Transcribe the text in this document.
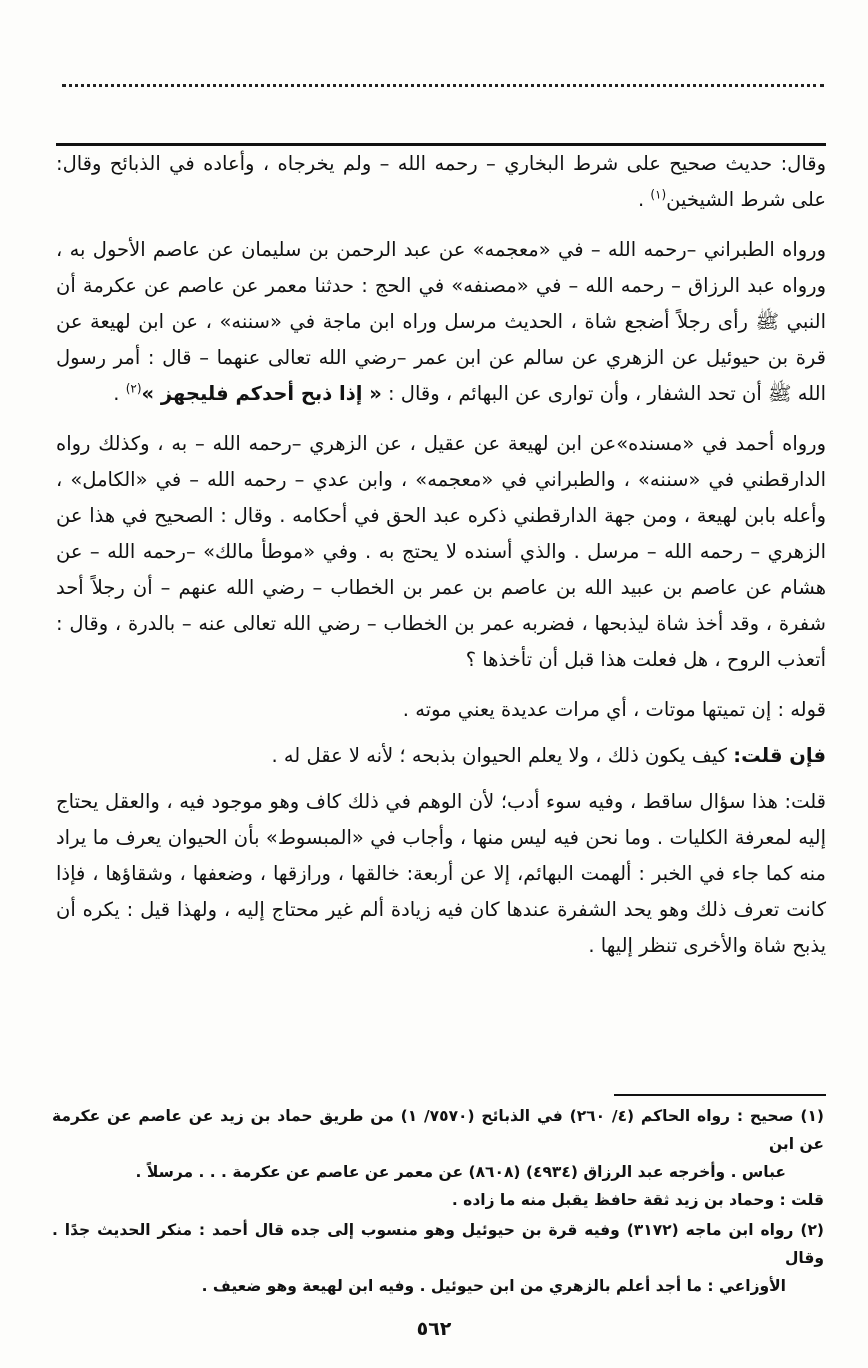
وقال: حديث صحيح على شرط البخاري – رحمه الله – ولم يخرجاه ، وأعاده في الذبائح وقال: على شرط الشيخين$^{(١)}$ .

ورواه الطبراني –رحمه الله – في «معجمه» عن عبد الرحمن بن سليمان عن عاصم الأحول به ، ورواه عبد الرزاق – رحمه الله – في «مصنفه» في الحج : حدثنا معمر عن عاصم عن عكرمة أن النبي ﷺ رأى رجلاً أضجع شاة ، الحديث مرسل وراه ابن ماجة في «سننه» ، عن ابن لهيعة عن قرة بن حيوئيل عن الزهري عن سالم عن ابن عمر –رضي الله تعالى عنهما – قال : أمر رسول الله ﷺ أن تحد الشفار ، وأن توارى عن البهائم ، وقال : « إذا ذبح أحدكم فليجهز »$^{(٢)}$ .

ورواه أحمد في «مسنده»عن ابن لهيعة عن عقيل ، عن الزهري –رحمه الله – به ، وكذلك رواه الدارقطني في «سننه» ، والطبراني في «معجمه» ، وابن عدي – رحمه الله – في «الكامل» ، وأعله بابن لهيعة ، ومن جهة الدارقطني ذكره عبد الحق في أحكامه . وقال : الصحيح في هذا عن الزهري – رحمه الله – مرسل . والذي أسنده لا يحتج به . وفي «موطأ مالك» –رحمه الله – عن هشام عن عاصم بن عبيد الله بن عاصم بن عمر بن الخطاب – رضي الله عنهم – أن رجلاً أحد شفرة ، وقد أخذ شاة ليذبحها ، فضربه عمر بن الخطاب – رضي الله تعالى عنه – بالدرة ، وقال : أتعذب الروح ، هل فعلت هذا قبل أن تأخذها ؟

قوله : إن تميتها موتات ، أي مرات عديدة يعني موته .

فإن قلت: كيف يكون ذلك ، ولا يعلم الحيوان بذبحه ؛ لأنه لا عقل له .

قلت: هذا سؤال ساقط ، وفيه سوء أدب؛ لأن الوهم في ذلك كاف وهو موجود فيه ، والعقل يحتاج إليه لمعرفة الكليات . وما نحن فيه ليس منها ، وأجاب في «المبسوط» بأن الحيوان يعرف ما يراد منه كما جاء في الخبر : ألهمت البهائم، إلا عن أربعة: خالقها ، ورازقها ، وضعفها ، وشقاؤها ، فإذا كانت تعرف ذلك وهو يحد الشفرة عندها كان فيه زيادة ألم غير محتاج إليه ، ولهذا قيل : يكره أن يذبح شاة والأخرى تنظر إليها .

(١) صحيح : رواه الحاكم (٤/ ٢٦٠) في الذبائح (٧٥٧٠/ ١) من طريق حماد بن زيد عن عاصم عن عكرمة عن ابن
عباس . وأخرجه عبد الرزاق (٤٩٣٤) (٨٦٠٨) عن معمر عن عاصم عن عكرمة . . . مرسلاً .
قلت : وحماد بن زيد ثقة حافظ يقبل منه ما زاده .
(٢) رواه ابن ماجه (٣١٧٢) وفيه قرة بن حيوئيل وهو منسوب إلى جده قال أحمد : منكر الحديث جدًا . وقال
الأوزاعي : ما أجد أعلم بالزهري من ابن حيوئيل . وفيه ابن لهيعة وهو ضعيف .
٥٦٢
